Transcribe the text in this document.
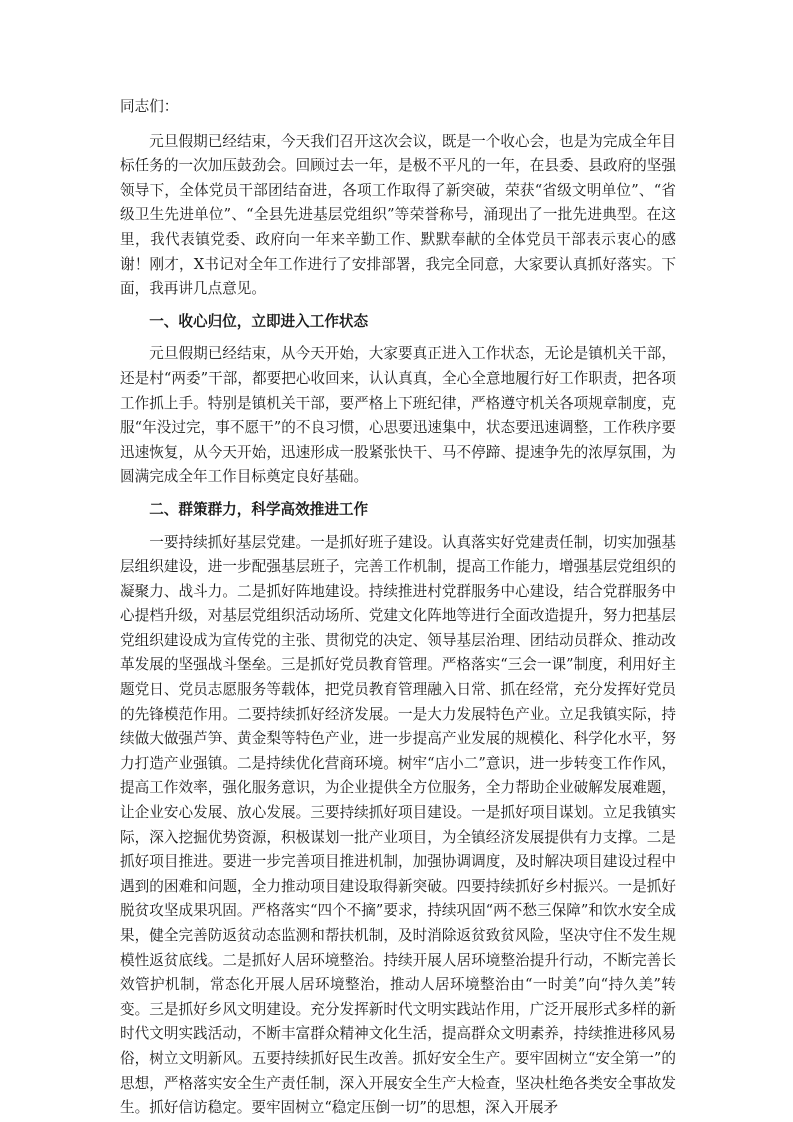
同志们：

元旦假期已经结束，今天我们召开这次会议，既是一个收心会，也是为完成全年目标任务的一次加压鼓劲会。回顾过去一年，是极不平凡的一年，在县委、县政府的坚强领导下，全体党员干部团结奋进，各项工作取得了新突破，荣获“省级文明单位”、“省级卫生先进单位”、“全县先进基层党组织”等荣誉称号，涌现出了一批先进典型。在这里，我代表镇党委、政府向一年来辛勤工作、默默奉献的全体党员干部表示衷心的感谢！刚才，X书记对全年工作进行了安排部署，我完全同意，大家要认真抓好落实。下面，我再讲几点意见。

一、收心归位，立即进入工作状态

元旦假期已经结束，从今天开始，大家要真正进入工作状态，无论是镇机关干部，还是村“两委”干部，都要把心收回来，认认真真，全心全意地履行好工作职责，把各项工作抓上手。特别是镇机关干部，要严格上下班纪律，严格遵守机关各项规章制度，克服“年没过完，事不愿干”的不良习惯，心思要迅速集中，状态要迅速调整，工作秩序要迅速恢复，从今天开始，迅速形成一股紧张快干、马不停蹄、提速争先的浓厚氛围，为圆满完成全年工作目标奠定良好基础。

二、群策群力，科学高效推进工作

一要持续抓好基层党建。一是抓好班子建设。认真落实好党建责任制，切实加强基层组织建设，进一步配强基层班子，完善工作机制，提高工作能力，增强基层党组织的凝聚力、战斗力。二是抓好阵地建设。持续推进村党群服务中心建设，结合党群服务中心提档升级，对基层党组织活动场所、党建文化阵地等进行全面改造提升，努力把基层党组织建设成为宣传党的主张、贯彻党的决定、领导基层治理、团结动员群众、推动改革发展的坚强战斗堡垒。三是抓好党员教育管理。严格落实“三会一课”制度，利用好主题党日、党员志愿服务等载体，把党员教育管理融入日常、抓在经常，充分发挥好党员的先锋模范作用。二要持续抓好经济发展。一是大力发展特色产业。立足我镇实际，持续做大做强芦笋、黄金梨等特色产业，进一步提高产业发展的规模化、科学化水平，努力打造产业强镇。二是持续优化营商环境。树牢“店小二”意识，进一步转变工作作风，提高工作效率，强化服务意识，为企业提供全方位服务，全力帮助企业破解发展难题，让企业安心发展、放心发展。三要持续抓好项目建设。一是抓好项目谋划。立足我镇实际，深入挖掘优势资源，积极谋划一批产业项目，为全镇经济发展提供有力支撑。二是抓好项目推进。要进一步完善项目推进机制，加强协调调度，及时解决项目建设过程中遇到的困难和问题，全力推动项目建设取得新突破。四要持续抓好乡村振兴。一是抓好脱贫攻坚成果巩固。严格落实“四个不摘”要求，持续巩固“两不愁三保障”和饮水安全成果，健全完善防返贫动态监测和帮扶机制，及时消除返贫致贫风险，坚决守住不发生规模性返贫底线。二是抓好人居环境整治。持续开展人居环境整治提升行动，不断完善长效管护机制，常态化开展人居环境整治，推动人居环境整治由“一时美”向“持久美”转变。三是抓好乡风文明建设。充分发挥新时代文明实践站作用，广泛开展形式多样的新时代文明实践活动，不断丰富群众精神文化生活，提高群众文明素养，持续推进移风易俗，树立文明新风。五要持续抓好民生改善。抓好安全生产。要牢固树立“安全第一”的思想，严格落实安全生产责任制，深入开展安全生产大检查，坚决杜绝各类安全事故发生。抓好信访稳定。要牢固树立“稳定压倒一切”的思想，深入开展矛
